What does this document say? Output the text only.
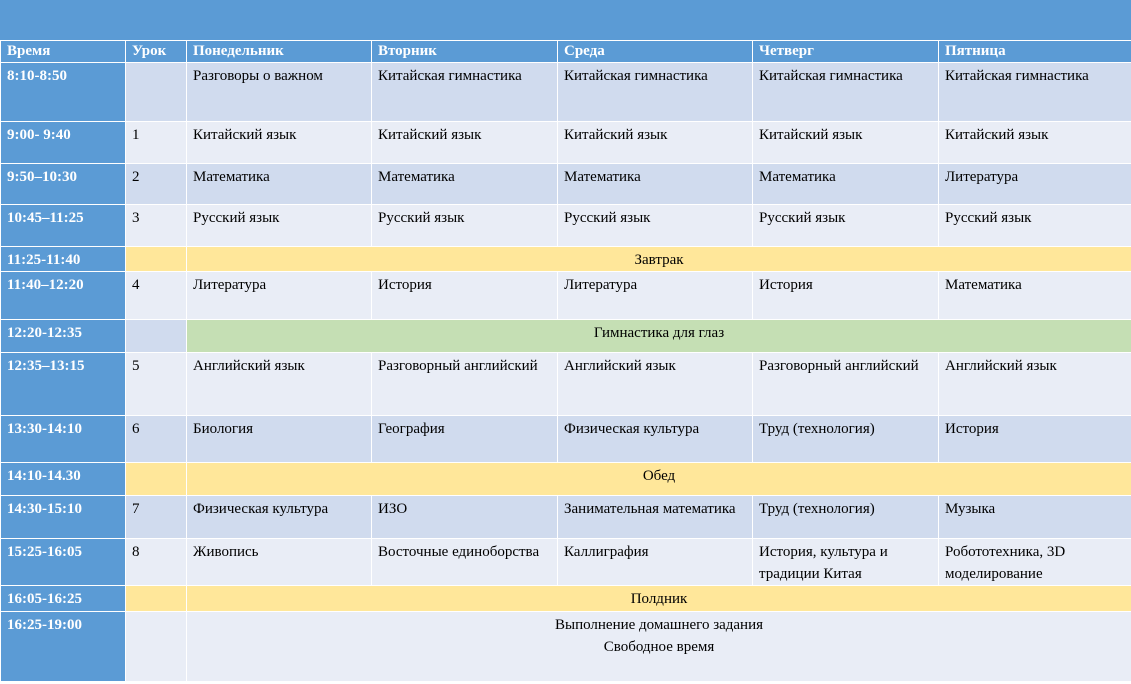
Время	Урок	Понедельник	Вторник	Среда	Четверг	Пятница
8:10-8:50		Разговоры о важном	Китайская гимнастика	Китайская гимнастика	Китайская гимнастика	Китайская гимнастика
9:00- 9:40	1	Китайский язык	Китайский язык	Китайский язык	Китайский язык	Китайский язык
9:50–10:30	2	Математика	Математика	Математика	Математика	Литература
10:45–11:25	3	Русский язык	Русский язык	Русский язык	Русский язык	Русский язык
11:25-11:40		Завтрак				
11:40–12:20	4	Литература	История	Литература	История	Математика
12:20-12:35		Гимнастика для глаз				
12:35–13:15	5	Английский язык	Разговорный английский	Английский язык	Разговорный английский	Английский язык
13:30-14:10	6	Биология	География	Физическая культура	Труд (технология)	История
14:10-14.30		Обед				
14:30-15:10	7	Физическая культура	ИЗО	Занимательная математика	Труд (технология)	Музыка
15:25-16:05	8	Живопись	Восточные единоборства	Каллиграфия	История, культура и традиции Китая	Робототехника, 3D моделирование
16:05-16:25		Полдник				
16:25-19:00		Выполнение домашнего задания
Свободное время				
